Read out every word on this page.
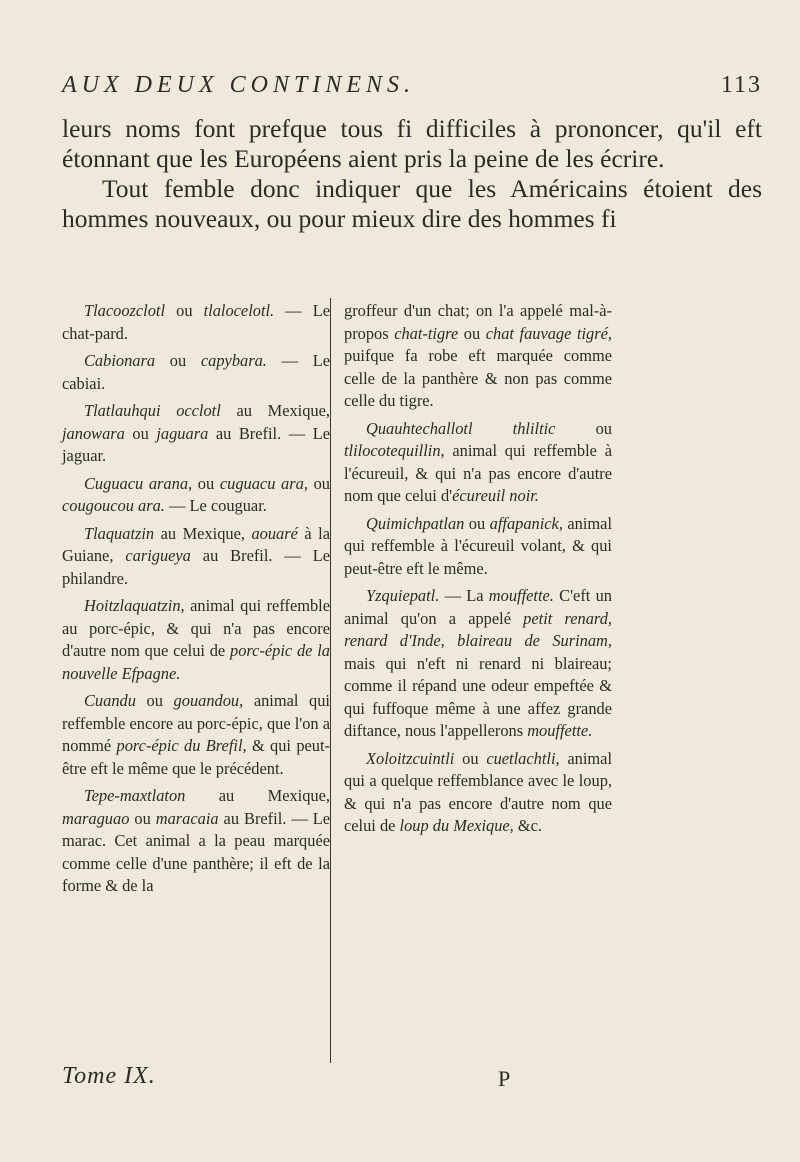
AUX DEUX CONTINENS.	113

leurs noms font prefque tous fi difficiles à prononcer, qu'il eft étonnant que les Européens aient pris la peine de les écrire.

Tout femble donc indiquer que les Américains étoient des hommes nouveaux, ou pour mieux dire des hommes fi

Tlacoozclotl ou tlalocelotl. — Le chat-pard.

Cabionara ou capybara. — Le cabiai.

Tlatlauhqui occlotl au Mexique, janowara ou jaguara au Brefil. — Le jaguar.

Cuguacu arana, ou cuguacu ara, ou cougoucou ara. — Le couguar.

Tlaquatzin au Mexique, aouaré à la Guiane, carigueya au Brefil. — Le philandre.

Hoitzlaquatzin, animal qui reffemble au porc-épic, & qui n'a pas encore d'autre nom que celui de porc-épic de la nouvelle Efpagne.

Cuandu ou gouandou, animal qui reffemble encore au porc-épic, que l'on a nommé porc-épic du Brefil, & qui peut-être eft le même que le précédent.

Tepe-maxtlaton au Mexique, maraguao ou maracaia au Brefil. — Le marac. Cet animal a la peau marquée comme celle d'une panthère; il eft de la forme & de la

groffeur d'un chat; on l'a appelé mal-à-propos chat-tigre ou chat fauvage tigré, puifque fa robe eft marquée comme celle de la panthère & non pas comme celle du tigre.

Quauhtechallotl thliltic ou tlilocotequillin, animal qui reffemble à l'écureuil, & qui n'a pas encore d'autre nom que celui d'écureuil noir.

Quimichpatlan ou affapanick, animal qui reffemble à l'écureuil volant, & qui peut-être eft le même.

Yzquiepatl. — La mouffette. C'eft un animal qu'on a appelé petit renard, renard d'Inde, blaireau de Surinam, mais qui n'eft ni renard ni blaireau; comme il répand une odeur empeftée & qui fuffoque même à une affez grande diftance, nous l'appellerons mouffette.

Xoloitzcuintli ou cuetlachtli, animal qui a quelque reffemblance avec le loup, & qui n'a pas encore d'autre nom que celui de loup du Mexique, &c.

Tome IX.	P
